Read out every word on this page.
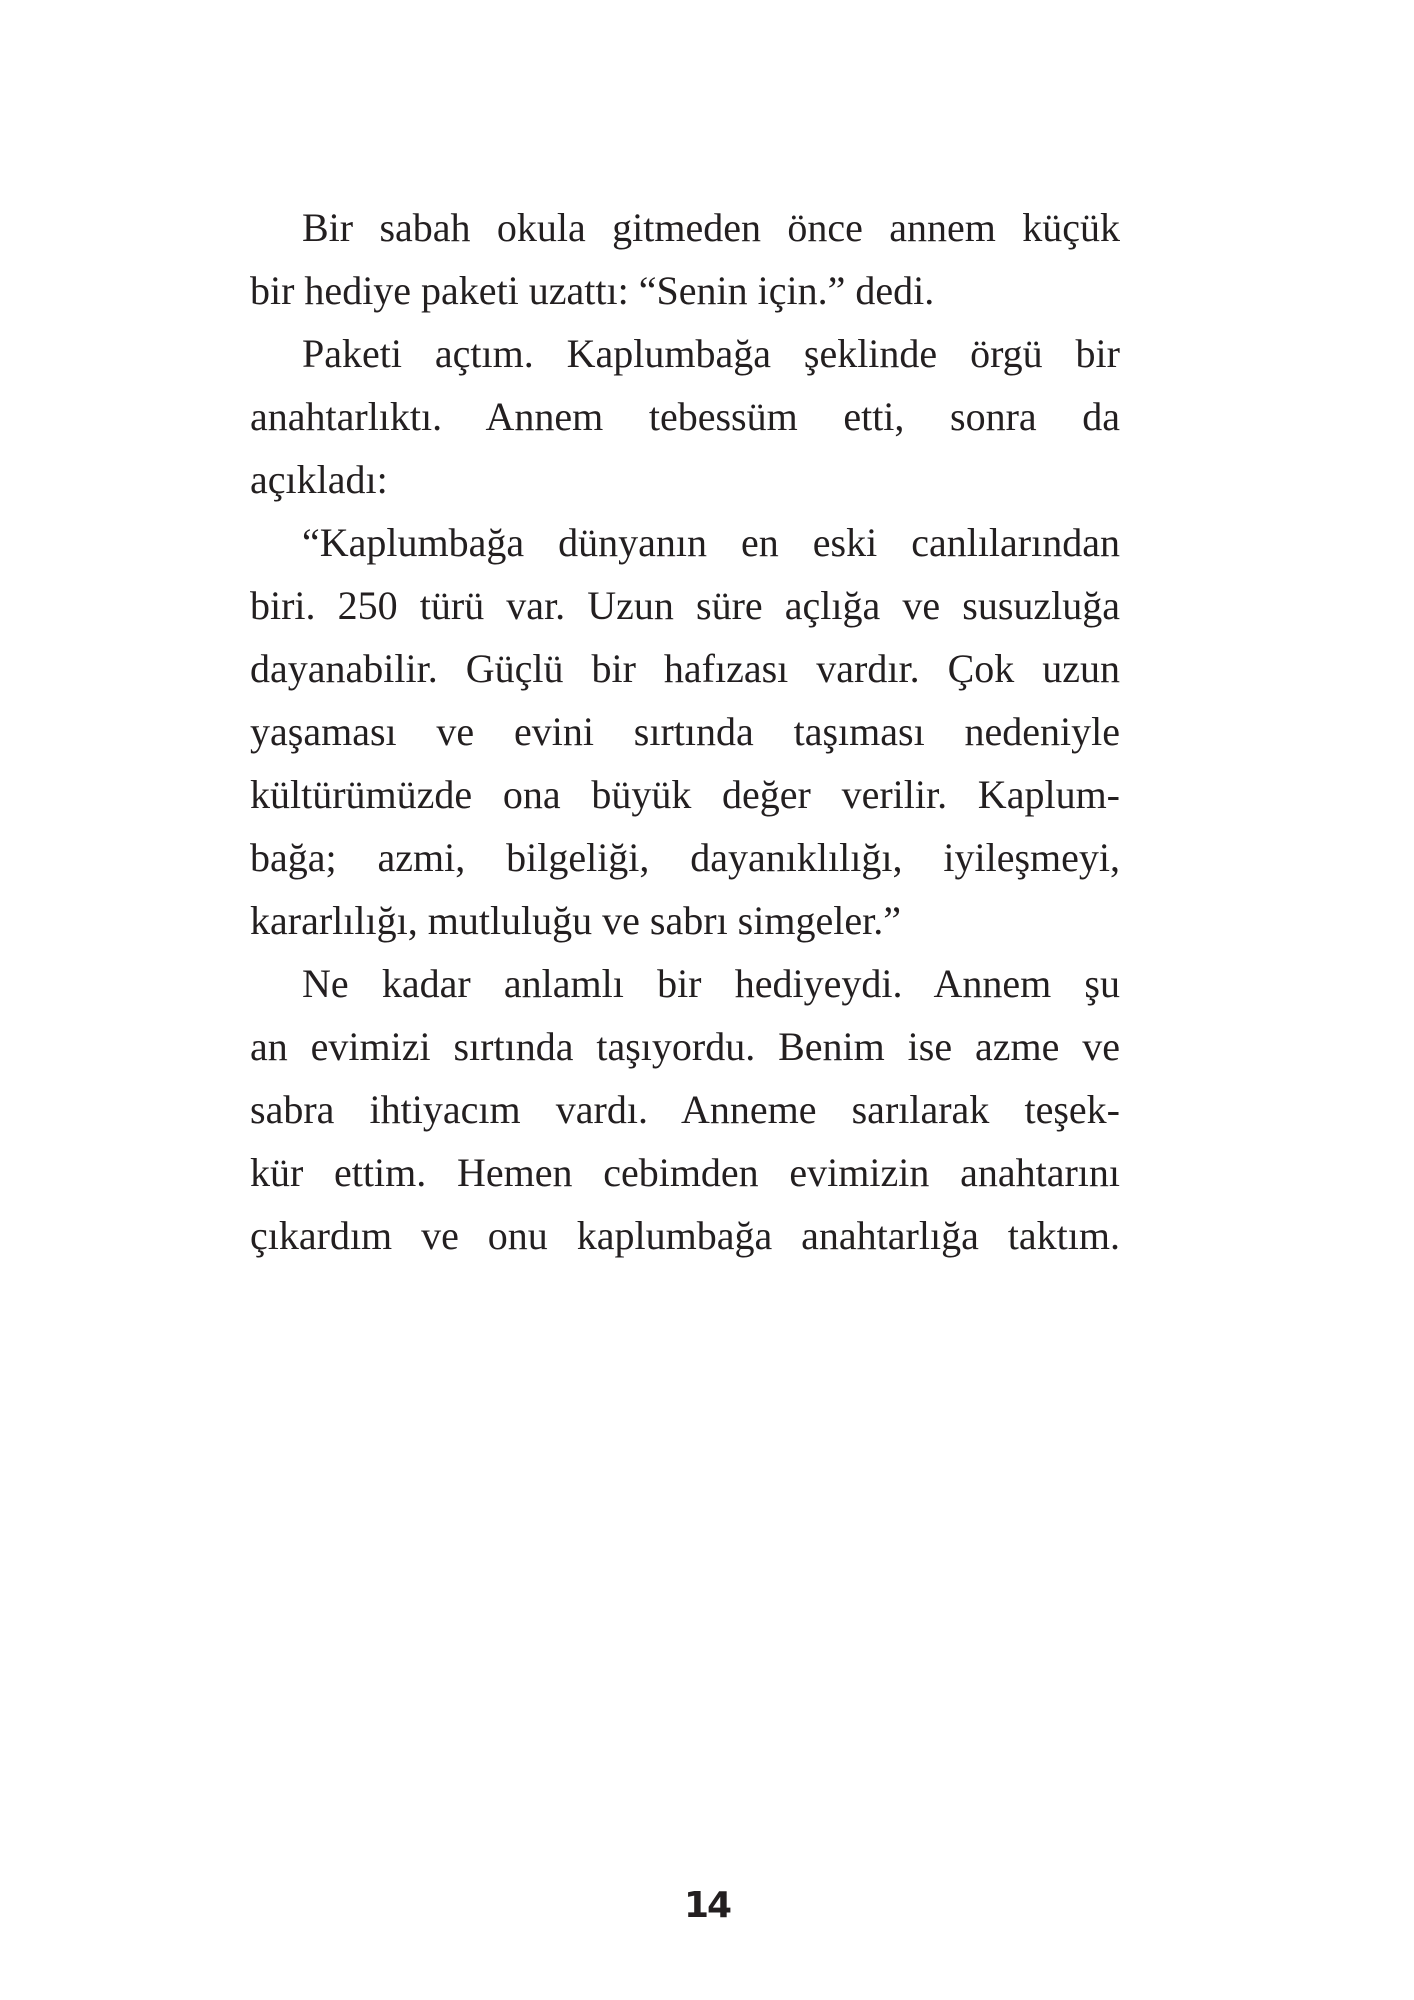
Bir sabah okula gitmeden önce annem küçük
bir hediye paketi uzattı: “Senin için.” dedi.

Paketi açtım. Kaplumbağa şeklinde örgü bir
anahtarlıktı. Annem tebessüm etti, sonra da
açıkladı:

“Kaplumbağa dünyanın en eski canlılarından
biri. 250 türü var. Uzun süre açlığa ve susuzluğa
dayanabilir. Güçlü bir hafızası vardır. Çok uzun
yaşaması ve evini sırtında taşıması nedeniyle
kültürümüzde ona büyük değer verilir. Kaplum-
bağa; azmi, bilgeliği, dayanıklılığı, iyileşmeyi,
kararlılığı, mutluluğu ve sabrı simgeler.”

Ne kadar anlamlı bir hediyeydi. Annem şu
an evimizi sırtında taşıyordu. Benim ise azme ve
sabra ihtiyacım vardı. Anneme sarılarak teşek-
kür ettim. Hemen cebimden evimizin anahtarını
çıkardım ve onu kaplumbağa anahtarlığa taktım.

14
